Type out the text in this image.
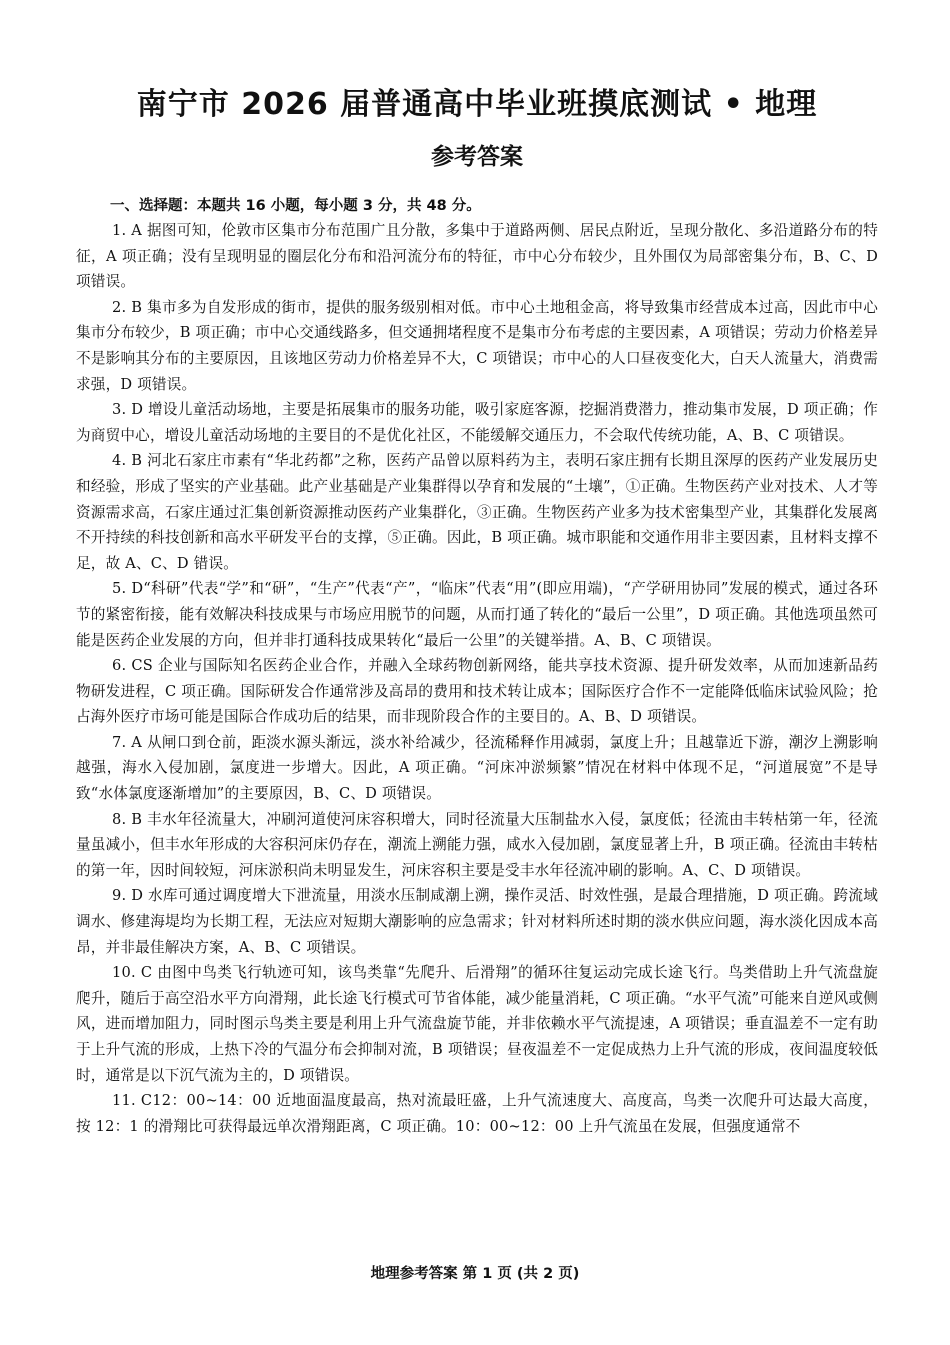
南宁市 2026 届普通高中毕业班摸底测试 • 地理
参考答案

一、选择题：本题共 16 小题，每小题 3 分，共 48 分。

1. A 据图可知，伦敦市区集市分布范围广且分散，多集中于道路两侧、居民点附近，呈现分散化、多沿道路分布的特征，A 项正确；没有呈现明显的圈层化分布和沿河流分布的特征，市中心分布较少，且外围仅为局部密集分布，B、C、D 项错误。

2. B 集市多为自发形成的街市，提供的服务级别相对低。市中心土地租金高，将导致集市经营成本过高，因此市中心集市分布较少，B 项正确；市中心交通线路多，但交通拥堵程度不是集市分布考虑的主要因素，A 项错误；劳动力价格差异不是影响其分布的主要原因，且该地区劳动力价格差异不大，C 项错误；市中心的人口昼夜变化大，白天人流量大，消费需求强，D 项错误。

3. D 增设儿童活动场地，主要是拓展集市的服务功能，吸引家庭客源，挖掘消费潜力，推动集市发展，D 项正确；作为商贸中心，增设儿童活动场地的主要目的不是优化社区，不能缓解交通压力，不会取代传统功能，A、B、C 项错误。

4. B 河北石家庄市素有“华北药都”之称，医药产品曾以原料药为主，表明石家庄拥有长期且深厚的医药产业发展历史和经验，形成了坚实的产业基础。此产业基础是产业集群得以孕育和发展的“土壤”，①正确。生物医药产业对技术、人才等资源需求高，石家庄通过汇集创新资源推动医药产业集群化，③正确。生物医药产业多为技术密集型产业，其集群化发展离不开持续的科技创新和高水平研发平台的支撑，⑤正确。因此，B 项正确。城市职能和交通作用非主要因素，且材料支撑不足，故 A、C、D 错误。

5. D“科研”代表“学”和“研”，“生产”代表“产”，“临床”代表“用”(即应用端)，“产学研用协同”发展的模式，通过各环节的紧密衔接，能有效解决科技成果与市场应用脱节的问题，从而打通了转化的“最后一公里”，D 项正确。其他选项虽然可能是医药企业发展的方向，但并非打通科技成果转化“最后一公里”的关键举措。A、B、C 项错误。

6. CS 企业与国际知名医药企业合作，并融入全球药物创新网络，能共享技术资源、提升研发效率，从而加速新品药物研发进程，C 项正确。国际研发合作通常涉及高昂的费用和技术转让成本；国际医疗合作不一定能降低临床试验风险；抢占海外医疗市场可能是国际合作成功后的结果，而非现阶段合作的主要目的。A、B、D 项错误。

7. A 从闸口到仓前，距淡水源头渐远，淡水补给减少，径流稀释作用减弱，氯度上升；且越靠近下游，潮汐上溯影响越强，海水入侵加剧，氯度进一步增大。因此，A 项正确。“河床冲淤频繁”情况在材料中体现不足，“河道展宽”不是导致“水体氯度逐渐增加”的主要原因，B、C、D 项错误。

8. B 丰水年径流量大，冲刷河道使河床容积增大，同时径流量大压制盐水入侵，氯度低；径流由丰转枯第一年，径流量虽减小，但丰水年形成的大容积河床仍存在，潮流上溯能力强，咸水入侵加剧，氯度显著上升，B 项正确。径流由丰转枯的第一年，因时间较短，河床淤积尚未明显发生，河床容积主要是受丰水年径流冲刷的影响。A、C、D 项错误。

9. D 水库可通过调度增大下泄流量，用淡水压制咸潮上溯，操作灵活、时效性强，是最合理措施，D 项正确。跨流域调水、修建海堤均为长期工程，无法应对短期大潮影响的应急需求；针对材料所述时期的淡水供应问题，海水淡化因成本高昂，并非最佳解决方案，A、B、C 项错误。

10. C 由图中鸟类飞行轨迹可知，该鸟类靠“先爬升、后滑翔”的循环往复运动完成长途飞行。鸟类借助上升气流盘旋爬升，随后于高空沿水平方向滑翔，此长途飞行模式可节省体能，减少能量消耗，C 项正确。“水平气流”可能来自逆风或侧风，进而增加阻力，同时图示鸟类主要是利用上升气流盘旋节能，并非依赖水平气流提速，A 项错误；垂直温差不一定有助于上升气流的形成，上热下冷的气温分布会抑制对流，B 项错误；昼夜温差不一定促成热力上升气流的形成，夜间温度较低时，通常是以下沉气流为主的，D 项错误。

11. C12：00~14：00 近地面温度最高，热对流最旺盛，上升气流速度大、高度高，鸟类一次爬升可达最大高度，按 12：1 的滑翔比可获得最远单次滑翔距离，C 项正确。10：00~12：00 上升气流虽在发展，但强度通常不

地理参考答案 第 1 页 (共 2 页)
